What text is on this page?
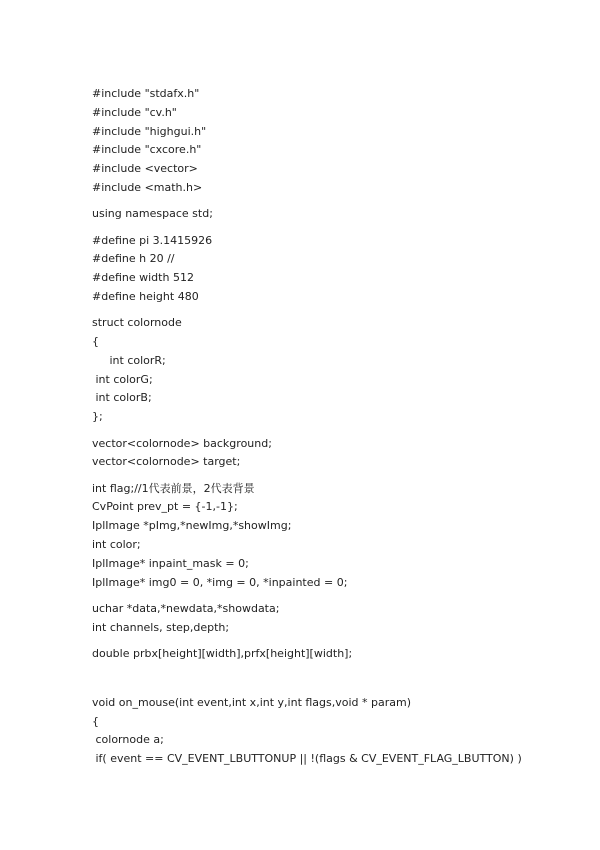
#include "stdafx.h"
#include "cv.h"
#include "highgui.h"
#include "cxcore.h"
#include <vector>
#include <math.h>
using namespace std;
#define pi 3.1415926
#define h 20 //
#define width 512
#define height 480
struct colornode
{
int colorR;
int colorG;
int colorB;
};
vector<colornode> background;
vector<colornode> target;
int flag;//1代表前景，2代表背景
CvPoint prev_pt = {-1,-1};
IplImage *pImg,*newImg,*showImg;
int color;
IplImage* inpaint_mask = 0;
IplImage* img0 = 0, *img = 0, *inpainted = 0;
uchar *data,*newdata,*showdata;
int channels, step,depth;
double prbx[height][width],prfx[height][width];
void on_mouse(int event,int x,int y,int flags,void * param)
{
colornode a;
if( event == CV_EVENT_LBUTTONUP || !(flags & CV_EVENT_FLAG_LBUTTON) )
